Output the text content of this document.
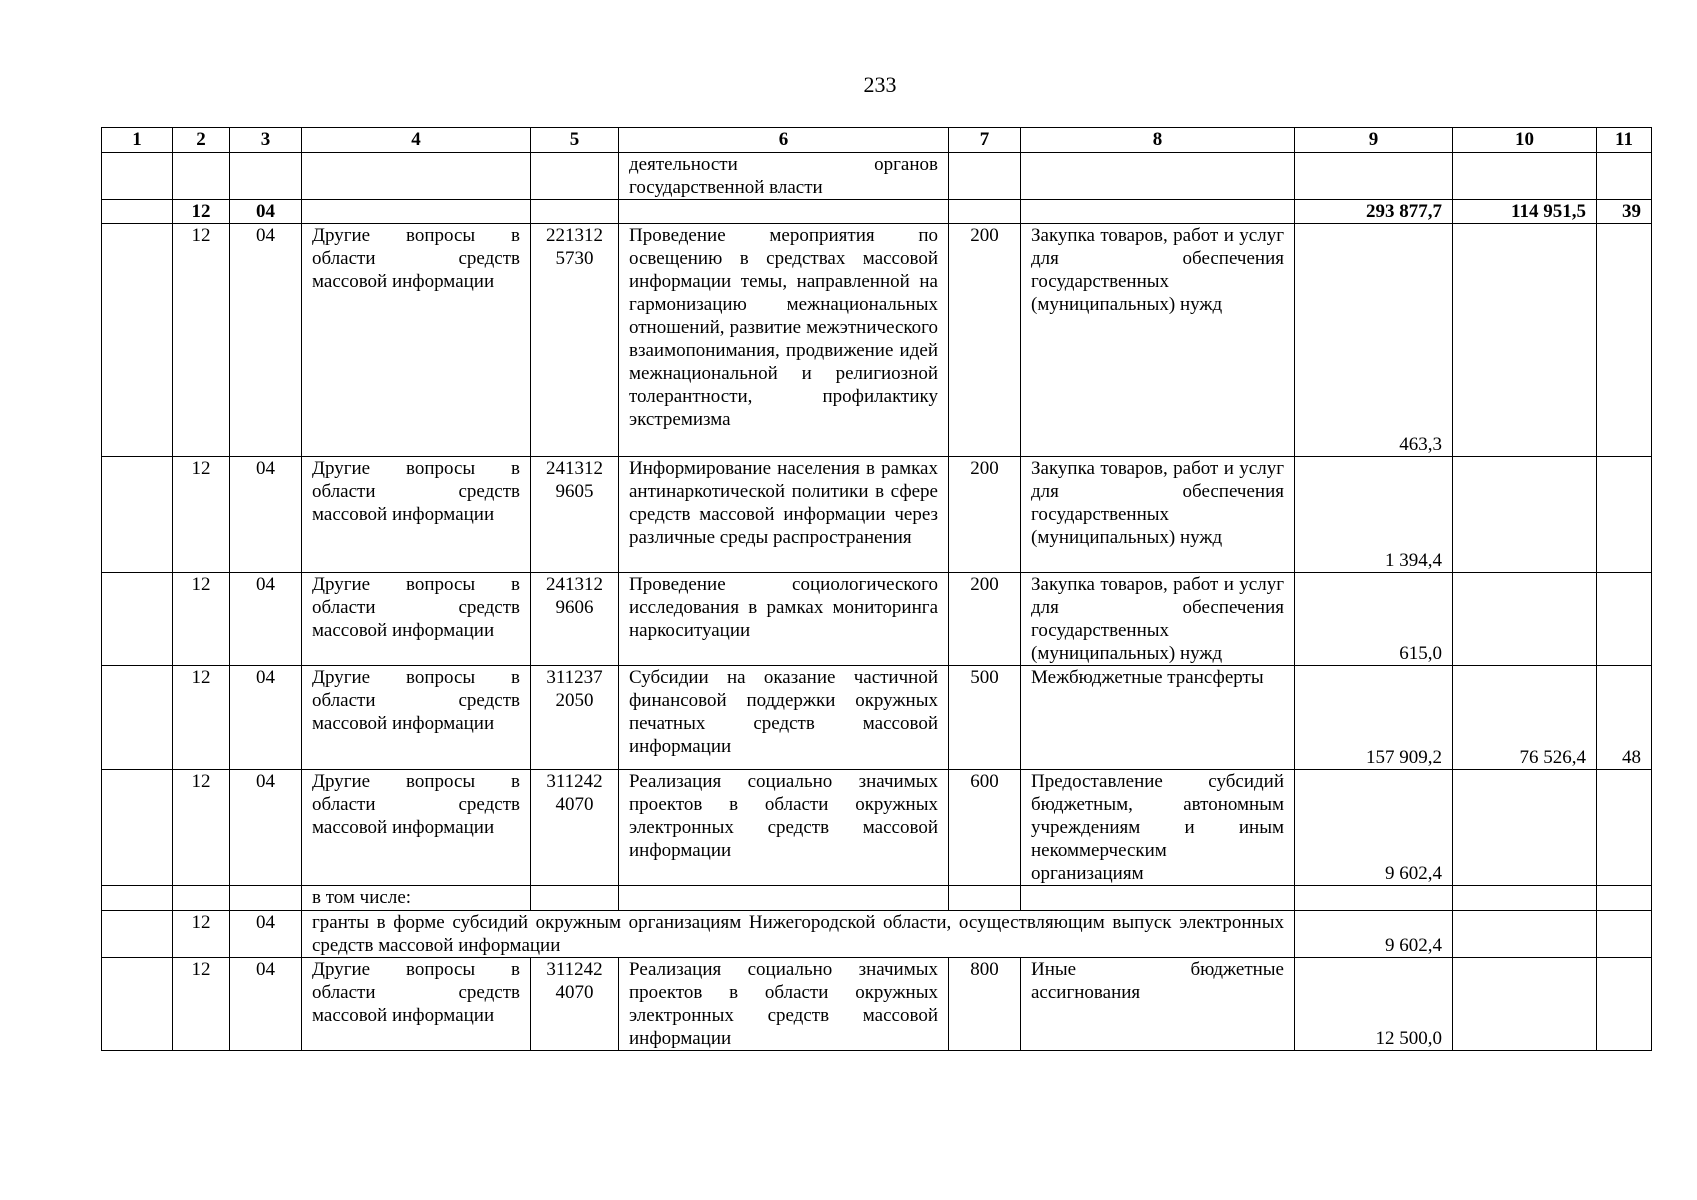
233
1	2	3	4	5	6	7	8	9	10	11
					деятельности органов государственной власти					
	12	04						293 877,7	114 951,5	39
	12	04	Другие вопросы в области средств массовой информации	221312 5730	Проведение мероприятия по освещению в средствах массовой информации темы, направленной на гармонизацию межнациональных отношений, развитие межэтнического взаимопонимания, продвижение идей межнациональной и религиозной толерантности, профилактику экстремизма	200	Закупка товаров, работ и услуг для обеспечения государственных (муниципальных) нужд	463,3		
	12	04	Другие вопросы в области средств массовой информации	241312 9605	Информирование населения в рамках антинаркотической политики в сфере средств массовой информации через различные среды распространения	200	Закупка товаров, работ и услуг для обеспечения государственных (муниципальных) нужд	1 394,4		
	12	04	Другие вопросы в области средств массовой информации	241312 9606	Проведение социологического исследования в рамках мониторинга наркоситуации	200	Закупка товаров, работ и услуг для обеспечения государственных (муниципальных) нужд	615,0		
	12	04	Другие вопросы в области средств массовой информации	311237 2050	Субсидии на оказание частичной финансовой поддержки окружных печатных средств массовой информации	500	Межбюджетные трансферты	157 909,2	76 526,4	48
	12	04	Другие вопросы в области средств массовой информации	311242 4070	Реализация социально значимых проектов в области окружных электронных средств массовой информации	600	Предоставление субсидий бюджетным, автономным учреждениям и иным некоммерческим организациям	9 602,4		
			в том числе:							
	12	04	гранты в форме субсидий окружным организациям Нижегородской области, осуществляющим выпуск электронных средств массовой информации					9 602,4		
	12	04	Другие вопросы в области средств массовой информации	311242 4070	Реализация социально значимых проектов в области окружных электронных средств массовой информации	800	Иные бюджетные ассигнования	12 500,0		
